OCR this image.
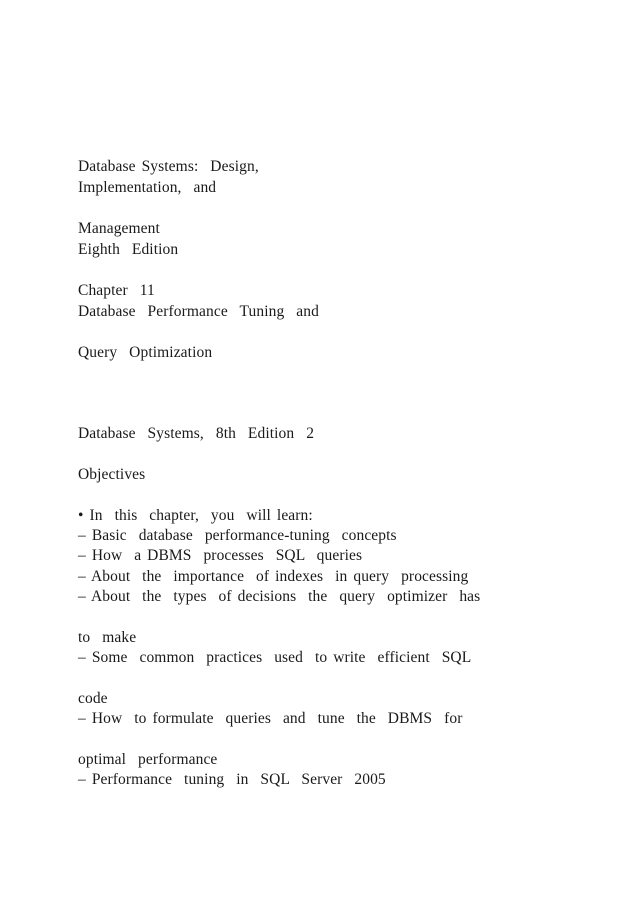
Database Systems:  Design,
Implementation,  and
Management
Eighth  Edition
Chapter  11
Database  Performance  Tuning  and
Query  Optimization
Database  Systems,  8th  Edition  2
Objectives
• In  this  chapter,  you  will learn:
– Basic  database  performance-tuning  concepts
– How  a DBMS  processes  SQL  queries
– About  the  importance  of indexes  in query  processing
– About  the  types  of decisions  the  query  optimizer  has
to  make
– Some  common  practices  used  to write  efficient  SQL
code
– How  to formulate  queries  and  tune  the  DBMS  for
optimal  performance
– Performance  tuning  in  SQL  Server  2005
